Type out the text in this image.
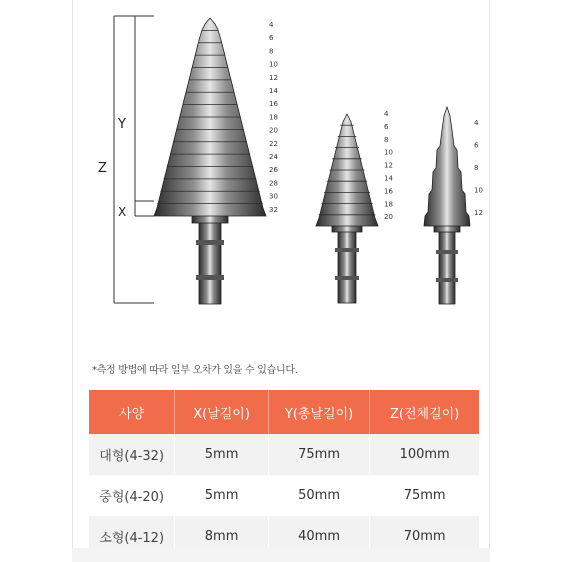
Z
Y
X
4
6
8
10
12
14
16
18
20
22
24
26
28
30
32
4
6
8
10
12
14
16
18
20
4
6
8
10
12
*측정 방법에 따라 일부 오차가 있을 수 있습니다.
사양	X(날길이)	Y(총날길이)	Z(전체길이)
대형(4-32)	5mm	75mm	100mm
중형(4-20)	5mm	50mm	75mm
소형(4-12)	8mm	40mm	70mm
